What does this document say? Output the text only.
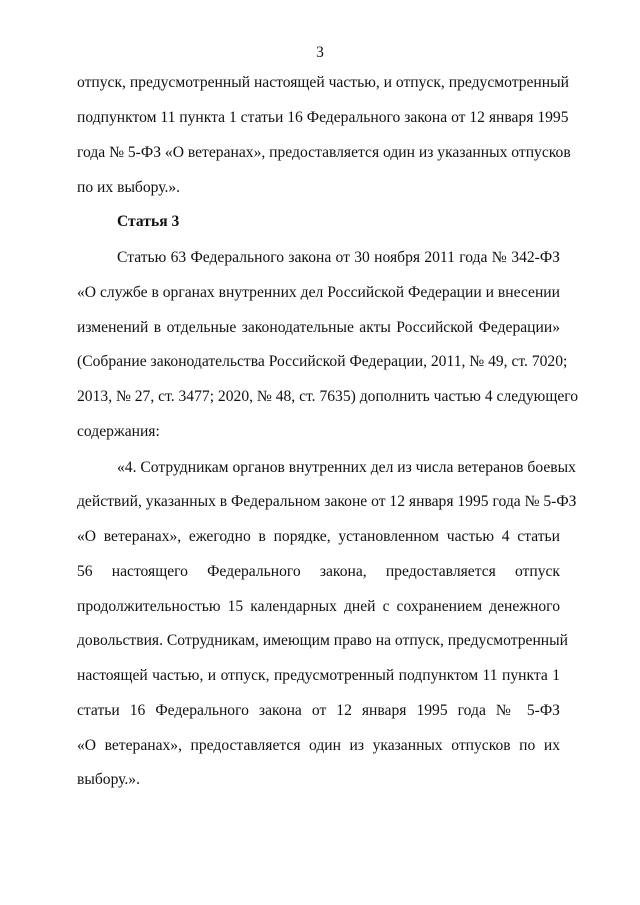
3
отпуск, предусмотренный настоящей частью, и отпуск, предусмотренный
подпунктом 11 пункта 1 статьи 16 Федерального закона от 12 января 1995
года № 5-ФЗ «О ветеранах», предоставляется один из указанных отпусков
по их выбору.».
Статья 3
Статью 63 Федерального закона от 30 ноября 2011 года № 342-ФЗ
«О службе в органах внутренних дел Российской Федерации и внесении
изменений в отдельные законодательные акты Российской Федерации»
(Собрание законодательства Российской Федерации, 2011, № 49, ст. 7020;
2013, № 27, ст. 3477; 2020, № 48, ст. 7635) дополнить частью 4 следующего
содержания:
«4. Сотрудникам органов внутренних дел из числа ветеранов боевых
действий, указанных в Федеральном законе от 12 января 1995 года № 5-ФЗ
«О ветеранах», ежегодно в порядке, установленном частью 4 статьи
56 настоящего Федерального закона, предоставляется отпуск
продолжительностью 15 календарных дней с сохранением денежного
довольствия. Сотрудникам, имеющим право на отпуск, предусмотренный
настоящей частью, и отпуск, предусмотренный подпунктом 11 пункта 1
статьи 16 Федерального закона от 12 января 1995 года № 5-ФЗ
«О ветеранах», предоставляется один из указанных отпусков по их
выбору.».
